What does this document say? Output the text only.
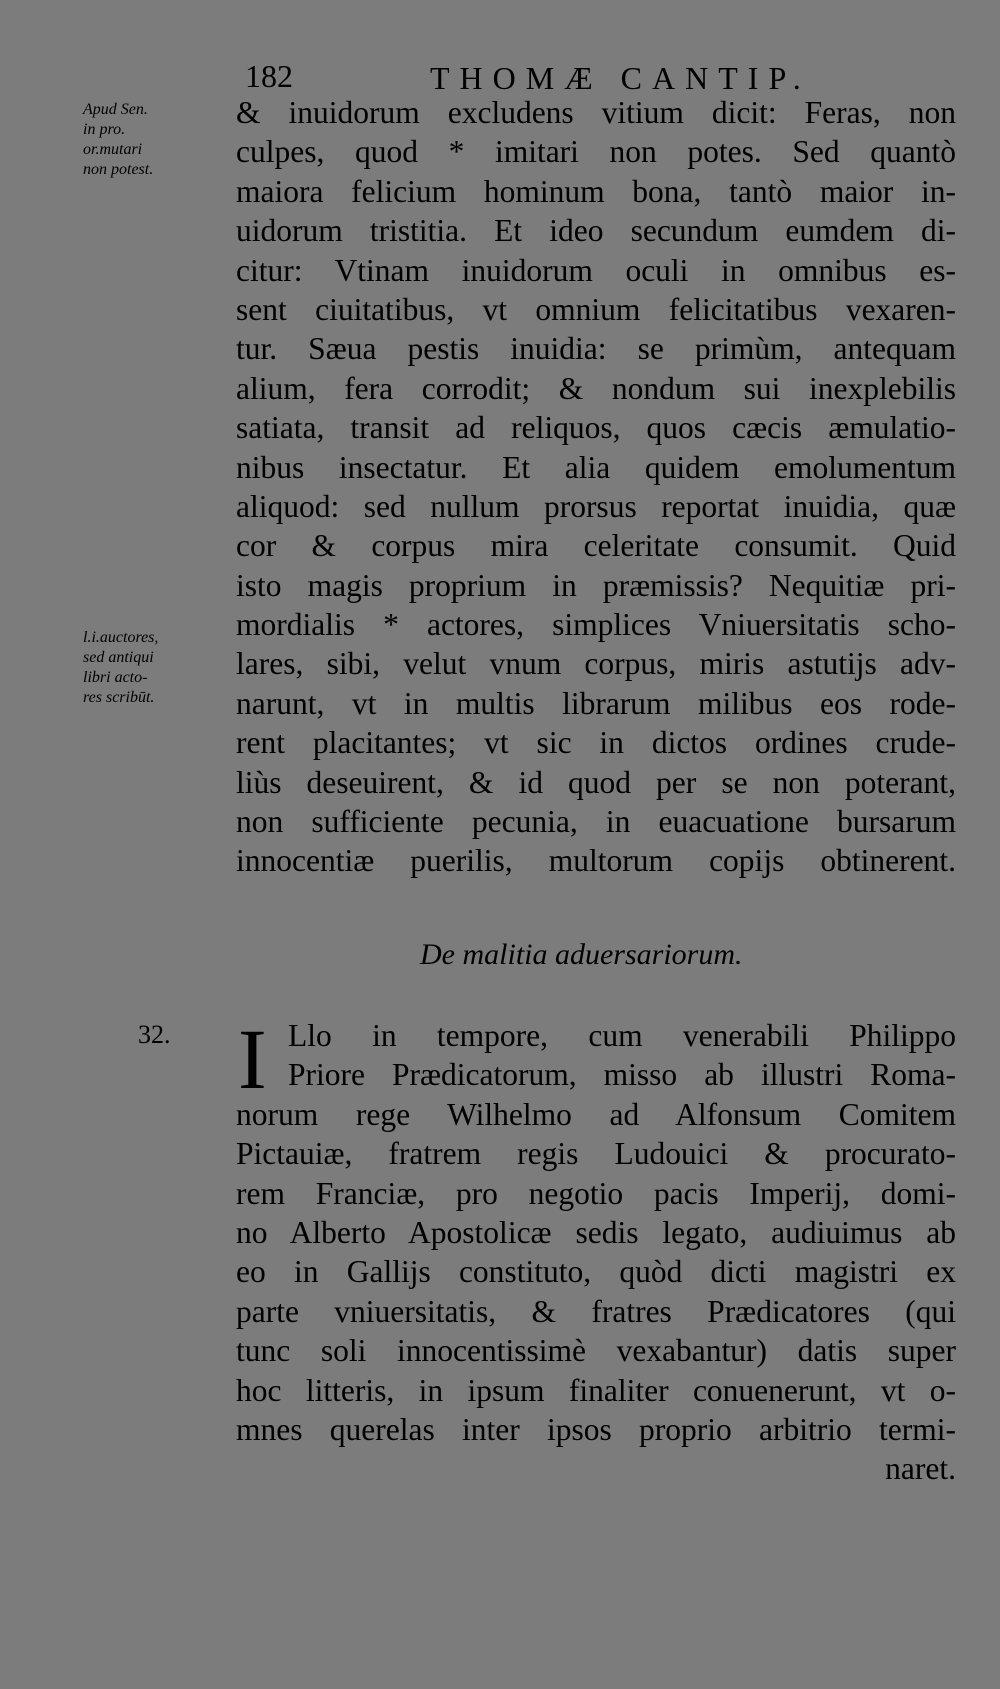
182	THOMÆ CANTIP.
Apud Sen.
in pro.
or.mutari
non potest.
l.i.auctores,
sed antiqui
libri acto-
res scribūt.
& inuidorum excludens vitium dicit: Feras, non
culpes, quod * imitari non potes. Sed quantò
maiora felicium hominum bona, tantò maior in-
uidorum tristitia. Et ideo secundum eumdem di-
citur: Vtinam inuidorum oculi in omnibus es-
sent ciuitatibus, vt omnium felicitatibus vexaren-
tur. Sæua pestis inuidia: se primùm, antequam
alium, fera corrodit; & nondum sui inexplebilis
satiata, transit ad reliquos, quos cæcis æmulatio-
nibus insectatur. Et alia quidem emolumentum
aliquod: sed nullum prorsus reportat inuidia, quæ
cor & corpus mira celeritate consumit. Quid
isto magis proprium in præmissis? Nequitiæ pri-
mordialis * actores, simplices Vniuersitatis scho-
lares, sibi, velut vnum corpus, miris astutijs adv-
narunt, vt in multis librarum milibus eos rode-
rent placitantes; vt sic in dictos ordines crude-
liùs deseuirent, & id quod per se non poterant,
non sufficiente pecunia, in euacuatione bursarum
innocentiæ puerilis, multorum copijs obtinerent.
De malitia aduersariorum.
32. I Llo in tempore, cum venerabili Philippo
Priore Prædicatorum, misso ab illustri Roma-
norum rege Wilhelmo ad Alfonsum Comitem
Pictauiæ, fratrem regis Ludouici & procurato-
rem Franciæ, pro negotio pacis Imperij, domi-
no Alberto Apostolicæ sedis legato, audiuimus ab
eo in Gallijs constituto, quòd dicti magistri ex
parte vniuersitatis, & fratres Prædicatores (qui
tunc soli innocentissimè vexabantur) datis super
hoc litteris, in ipsum finaliter conuenerunt, vt o-
mnes querelas inter ipsos proprio arbitrio termi-
naret.
